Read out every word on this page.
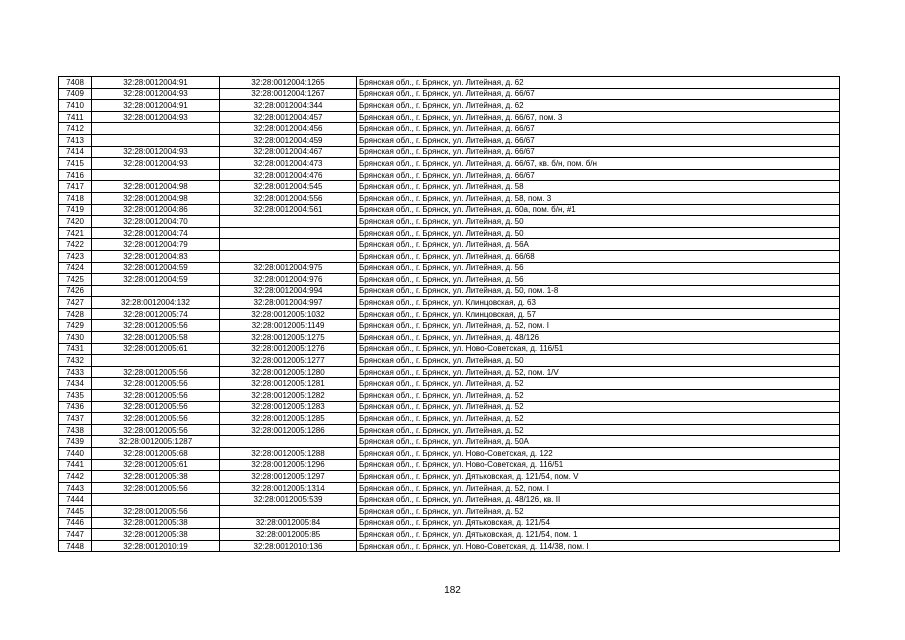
7408	32:28:0012004:91	32:28:0012004:1265	Брянская обл., г. Брянск, ул. Литейная, д. 62
7409	32:28:0012004:93	32:28:0012004:1267	Брянская обл., г. Брянск, ул. Литейная, д. 66/67
7410	32:28:0012004:91	32:28:0012004:344	Брянская обл., г. Брянск, ул. Литейная, д. 62
7411	32:28:0012004:93	32:28:0012004:457	Брянская обл., г. Брянск, ул. Литейная, д. 66/67, пом. 3
7412		32:28:0012004:456	Брянская обл., г. Брянск, ул. Литейная, д. 66/67
7413		32:28:0012004:459	Брянская обл., г. Брянск, ул. Литейная, д. 66/67
7414	32:28:0012004:93	32:28:0012004:467	Брянская обл., г. Брянск, ул. Литейная, д. 66/67
7415	32:28:0012004:93	32:28:0012004:473	Брянская обл., г. Брянск, ул. Литейная, д. 66/67, кв. б/н, пом. б/н
7416		32:28:0012004:476	Брянская обл., г. Брянск, ул. Литейная, д. 66/67
7417	32:28:0012004:98	32:28:0012004:545	Брянская обл., г. Брянск, ул. Литейная, д. 58
7418	32:28:0012004:98	32:28:0012004:556	Брянская обл., г. Брянск, ул. Литейная, д. 58, пом. 3
7419	32:28:0012004:86	32:28:0012004:561	Брянская обл., г. Брянск, ул. Литейная, д. 60а, пом. б/н, #1
7420	32:28:0012004:70		Брянская обл., г. Брянск, ул. Литейная, д. 50
7421	32:28:0012004:74		Брянская обл., г. Брянск, ул. Литейная, д. 50
7422	32:28:0012004:79		Брянская обл., г. Брянск, ул. Литейная, д. 56А
7423	32:28:0012004:83		Брянская обл., г. Брянск, ул. Литейная, д. 66/68
7424	32:28:0012004:59	32:28:0012004:975	Брянская обл., г. Брянск, ул. Литейная, д. 56
7425	32:28:0012004:59	32:28:0012004:976	Брянская обл., г. Брянск, ул. Литейная, д. 56
7426		32:28:0012004:994	Брянская обл., г. Брянск, ул. Литейная, д. 50, пом. 1-8
7427	32:28:0012004:132	32:28:0012004:997	Брянская обл., г. Брянск, ул. Клинцовская, д. 63
7428	32:28:0012005:74	32:28:0012005:1032	Брянская обл., г. Брянск, ул. Клинцовская, д. 57
7429	32:28:0012005:56	32:28:0012005:1149	Брянская обл., г. Брянск, ул. Литейная, д. 52, пом. I
7430	32:28:0012005:58	32:28:0012005:1275	Брянская обл., г. Брянск, ул. Литейная, д. 48/126
7431	32:28:0012005:61	32:28:0012005:1276	Брянская обл., г. Брянск, ул. Ново-Советская, д. 116/51
7432		32:28:0012005:1277	Брянская обл., г. Брянск, ул. Литейная, д. 50
7433	32:28:0012005:56	32:28:0012005:1280	Брянская обл., г. Брянск, ул. Литейная, д. 52, пом. 1/V
7434	32:28:0012005:56	32:28:0012005:1281	Брянская обл., г. Брянск, ул. Литейная, д. 52
7435	32:28:0012005:56	32:28:0012005:1282	Брянская обл., г. Брянск, ул. Литейная, д. 52
7436	32:28:0012005:56	32:28:0012005:1283	Брянская обл., г. Брянск, ул. Литейная, д. 52
7437	32:28:0012005:56	32:28:0012005:1285	Брянская обл., г. Брянск, ул. Литейная, д. 52
7438	32:28:0012005:56	32:28:0012005:1286	Брянская обл., г. Брянск, ул. Литейная, д. 52
7439	32:28:0012005:1287		Брянская обл., г. Брянск, ул. Литейная, д. 50А
7440	32:28:0012005:68	32:28:0012005:1288	Брянская обл., г. Брянск, ул. Ново-Советская, д. 122
7441	32:28:0012005:61	32:28:0012005:1296	Брянская обл., г. Брянск, ул. Ново-Советская, д. 116/51
7442	32:28:0012005:38	32:28:0012005:1297	Брянская обл., г. Брянск, ул. Дятьковская, д. 121/54, пом. V
7443	32:28:0012005:56	32:28:0012005:1314	Брянская обл., г. Брянск, ул. Литейная, д. 52, пом. I
7444		32:28:0012005:539	Брянская обл., г. Брянск, ул. Литейная, д. 48/126, кв. II
7445	32:28:0012005:56		Брянская обл., г. Брянск, ул. Литейная, д. 52
7446	32:28:0012005:38	32:28:0012005:84	Брянская обл., г. Брянск, ул. Дятьковская, д. 121/54
7447	32:28:0012005:38	32:28:0012005:85	Брянская обл., г. Брянск, ул. Дятьковская, д. 121/54, пом. 1
7448	32:28:0012010:19	32:28:0012010:136	Брянская обл., г. Брянск, ул. Ново-Советская, д. 114/38, пом. I
182
